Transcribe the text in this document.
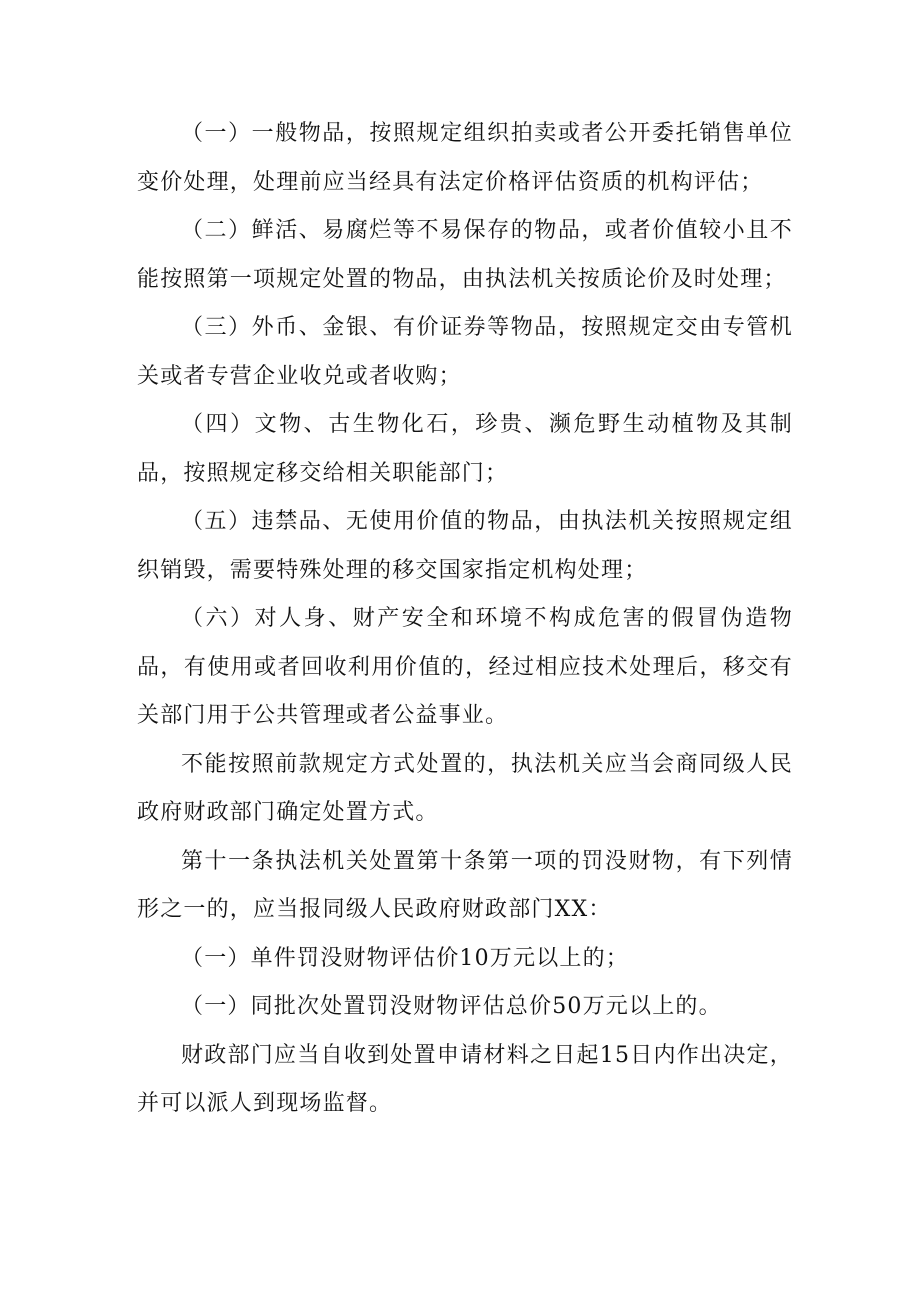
（一）一般物品，按照规定组织拍卖或者公开委托销售单位变价处理，处理前应当经具有法定价格评估资质的机构评估；

（二）鲜活、易腐烂等不易保存的物品，或者价值较小且不能按照第一项规定处置的物品，由执法机关按质论价及时处理；

（三）外币、金银、有价证券等物品，按照规定交由专管机关或者专营企业收兑或者收购；

（四）文物、古生物化石，珍贵、濒危野生动植物及其制品，按照规定移交给相关职能部门；

（五）违禁品、无使用价值的物品，由执法机关按照规定组织销毁，需要特殊处理的移交国家指定机构处理；

（六）对人身、财产安全和环境不构成危害的假冒伪造物品，有使用或者回收利用价值的，经过相应技术处理后，移交有关部门用于公共管理或者公益事业。

不能按照前款规定方式处置的，执法机关应当会商同级人民政府财政部门确定处置方式。

第十一条执法机关处置第十条第一项的罚没财物，有下列情形之一的，应当报同级人民政府财政部门XX：

（一）单件罚没财物评估价10万元以上的；

（一）同批次处置罚没财物评估总价50万元以上的。

财政部门应当自收到处置申请材料之日起15日内作出决定，并可以派人到现场监督。
